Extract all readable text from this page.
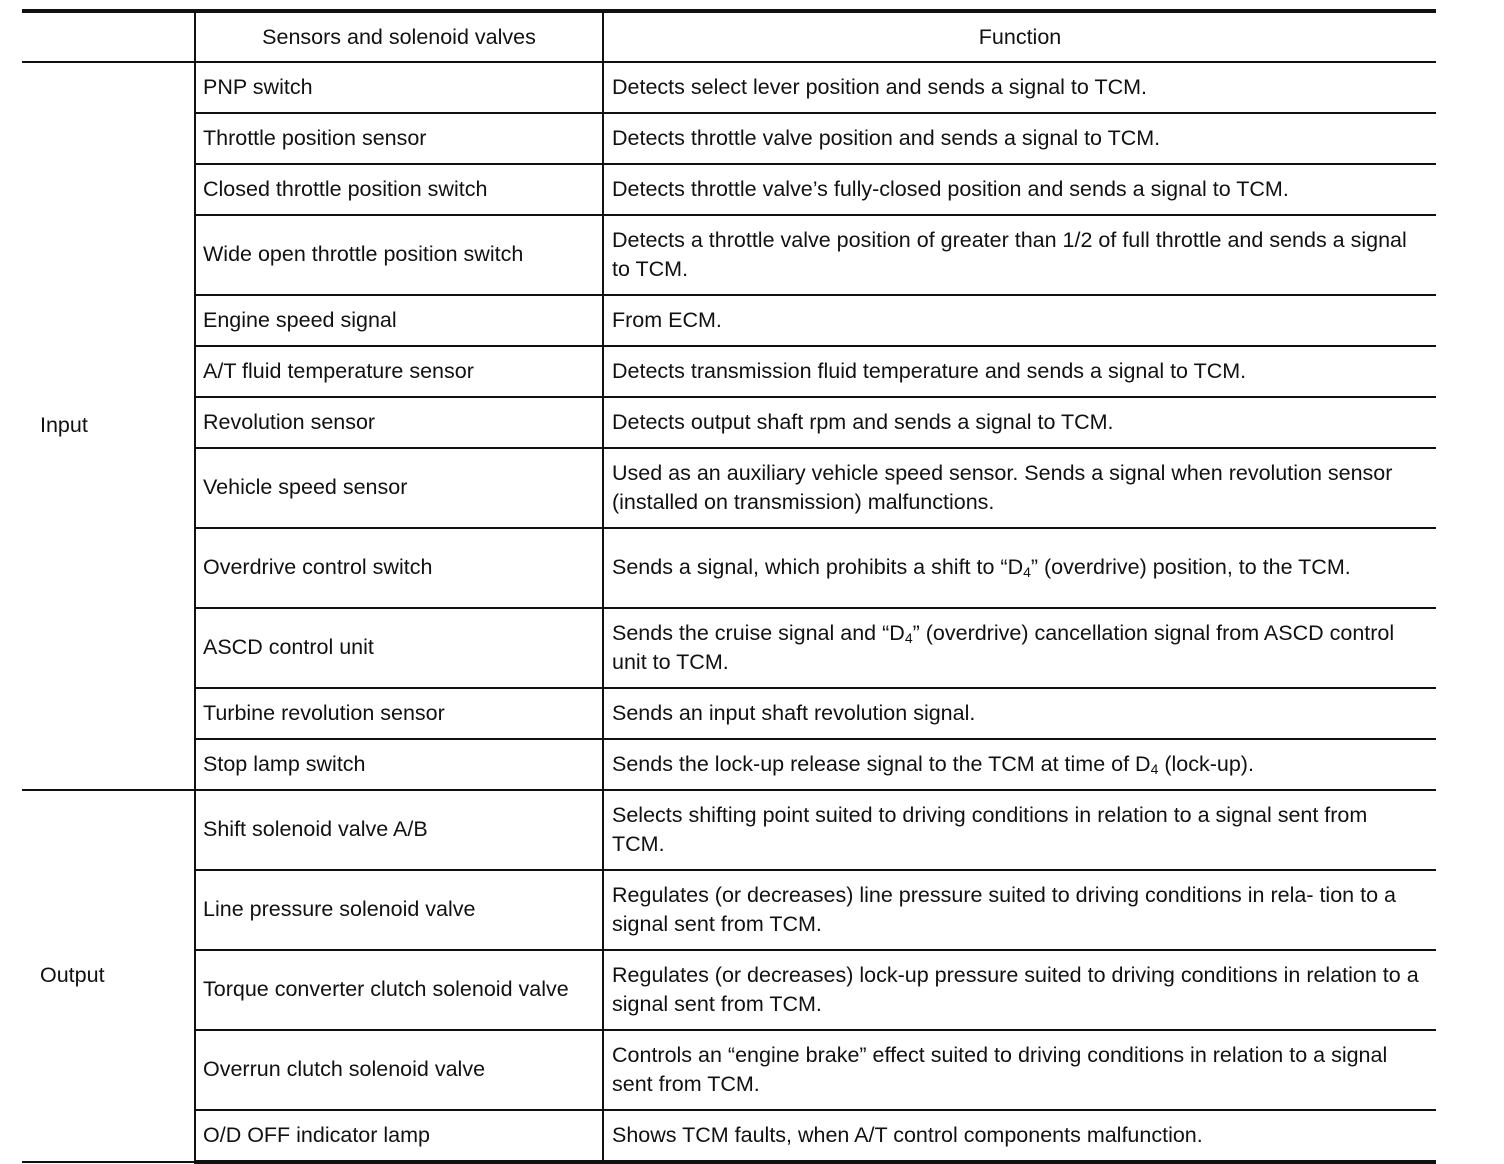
	Sensors and solenoid valves	Function
Input	PNP switch	Detects select lever position and sends a signal to TCM.
	Throttle position sensor	Detects throttle valve position and sends a signal to TCM.
	Closed throttle position switch	Detects throttle valve’s fully-closed position and sends a signal to TCM.
	Wide open throttle position switch	Detects a throttle valve position of greater than 1/2 of full throttle and sends a signal to TCM.
	Engine speed signal	From ECM.
	A/T fluid temperature sensor	Detects transmission fluid temperature and sends a signal to TCM.
	Revolution sensor	Detects output shaft rpm and sends a signal to TCM.
	Vehicle speed sensor	Used as an auxiliary vehicle speed sensor. Sends a signal when revolution sensor (installed on transmission) malfunctions.
	Overdrive control switch	Sends a signal, which prohibits a shift to “$D_4$” (overdrive) position, to the TCM.
	ASCD control unit	Sends the cruise signal and “$D_4$” (overdrive) cancellation signal from ASCD control unit to TCM.
	Turbine revolution sensor	Sends an input shaft revolution signal.
	Stop lamp switch	Sends the lock-up release signal to the TCM at time of $D_4$ (lock-up).
Output	Shift solenoid valve A/B	Selects shifting point suited to driving conditions in relation to a signal sent from TCM.
	Line pressure solenoid valve	Regulates (or decreases) line pressure suited to driving conditions in rela- tion to a signal sent from TCM.
	Torque converter clutch solenoid valve	Regulates (or decreases) lock-up pressure suited to driving conditions in relation to a signal sent from TCM.
	Overrun clutch solenoid valve	Controls an “engine brake” effect suited to driving conditions in relation to a signal sent from TCM.
	O/D OFF indicator lamp	Shows TCM faults, when A/T control components malfunction.
